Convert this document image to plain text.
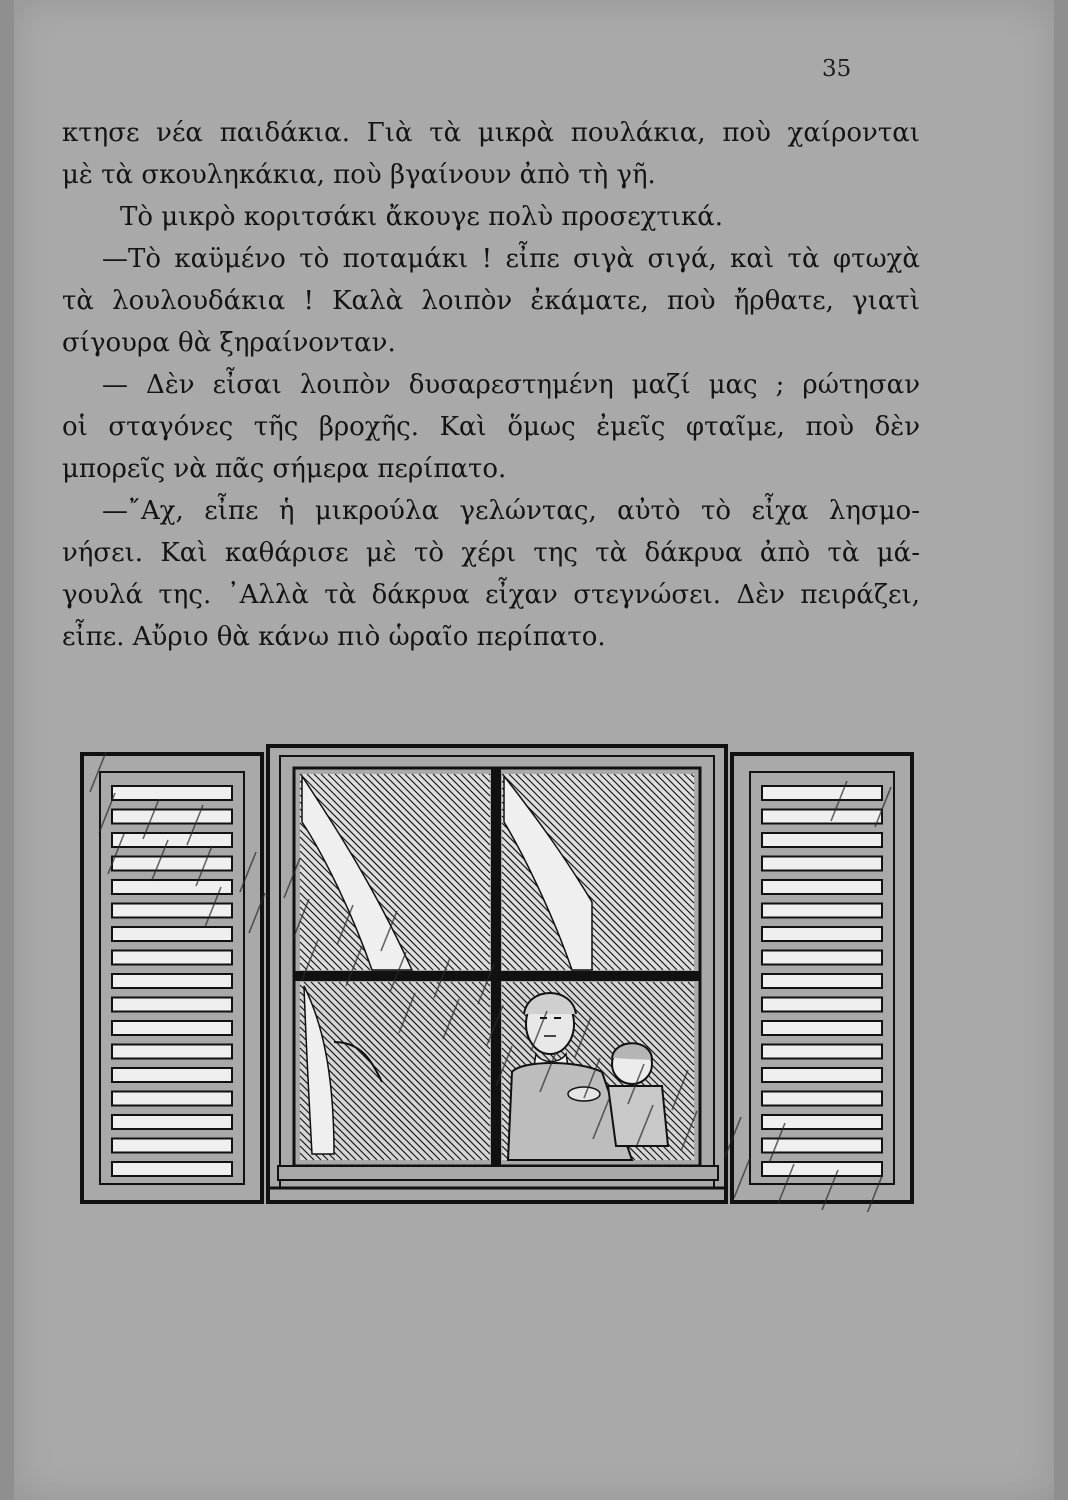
35
κτησε νέα παιδάκια. Γιὰ τὰ μικρὰ πουλάκια, ποὺ χαίρονται
μὲ τὰ σκουληκάκια, ποὺ βγαίνουν ἀπὸ τὴ γῆ.
Τὸ μικρὸ κοριτσάκι ἄκουγε πολὺ προσεχτικά.
—Τὸ καϋμένο τὸ ποταμάκι ! εἶπε σιγὰ σιγά, καὶ τὰ φτωχὰ
τὰ λουλουδάκια ! Καλὰ λοιπὸν ἐκάματε, ποὺ ἤρθατε, γιατὶ
σίγουρα θὰ ξηραίνονταν.
— Δὲν εἶσαι λοιπὸν δυσαρεστημένη μαζί μας ; ρώτησαν
οἱ σταγόνες τῆς βροχῆς. Καὶ ὅμως ἐμεῖς φταῖμε, ποὺ δὲν
μπορεῖς νὰ πᾶς σήμερα περίπατο.
—῎Αχ, εἶπε ἡ μικρούλα γελώντας, αὐτὸ τὸ εἶχα λησμο-
νήσει. Καὶ καθάρισε μὲ τὸ χέρι της τὰ δάκρυα ἀπὸ τὰ μά-
γουλά της. ᾿Αλλὰ τὰ δάκρυα εἶχαν στεγνώσει. Δὲν πειράζει,
εἶπε. Αὔριο θὰ κάνω πιὸ ὡραῖο περίπατο.
